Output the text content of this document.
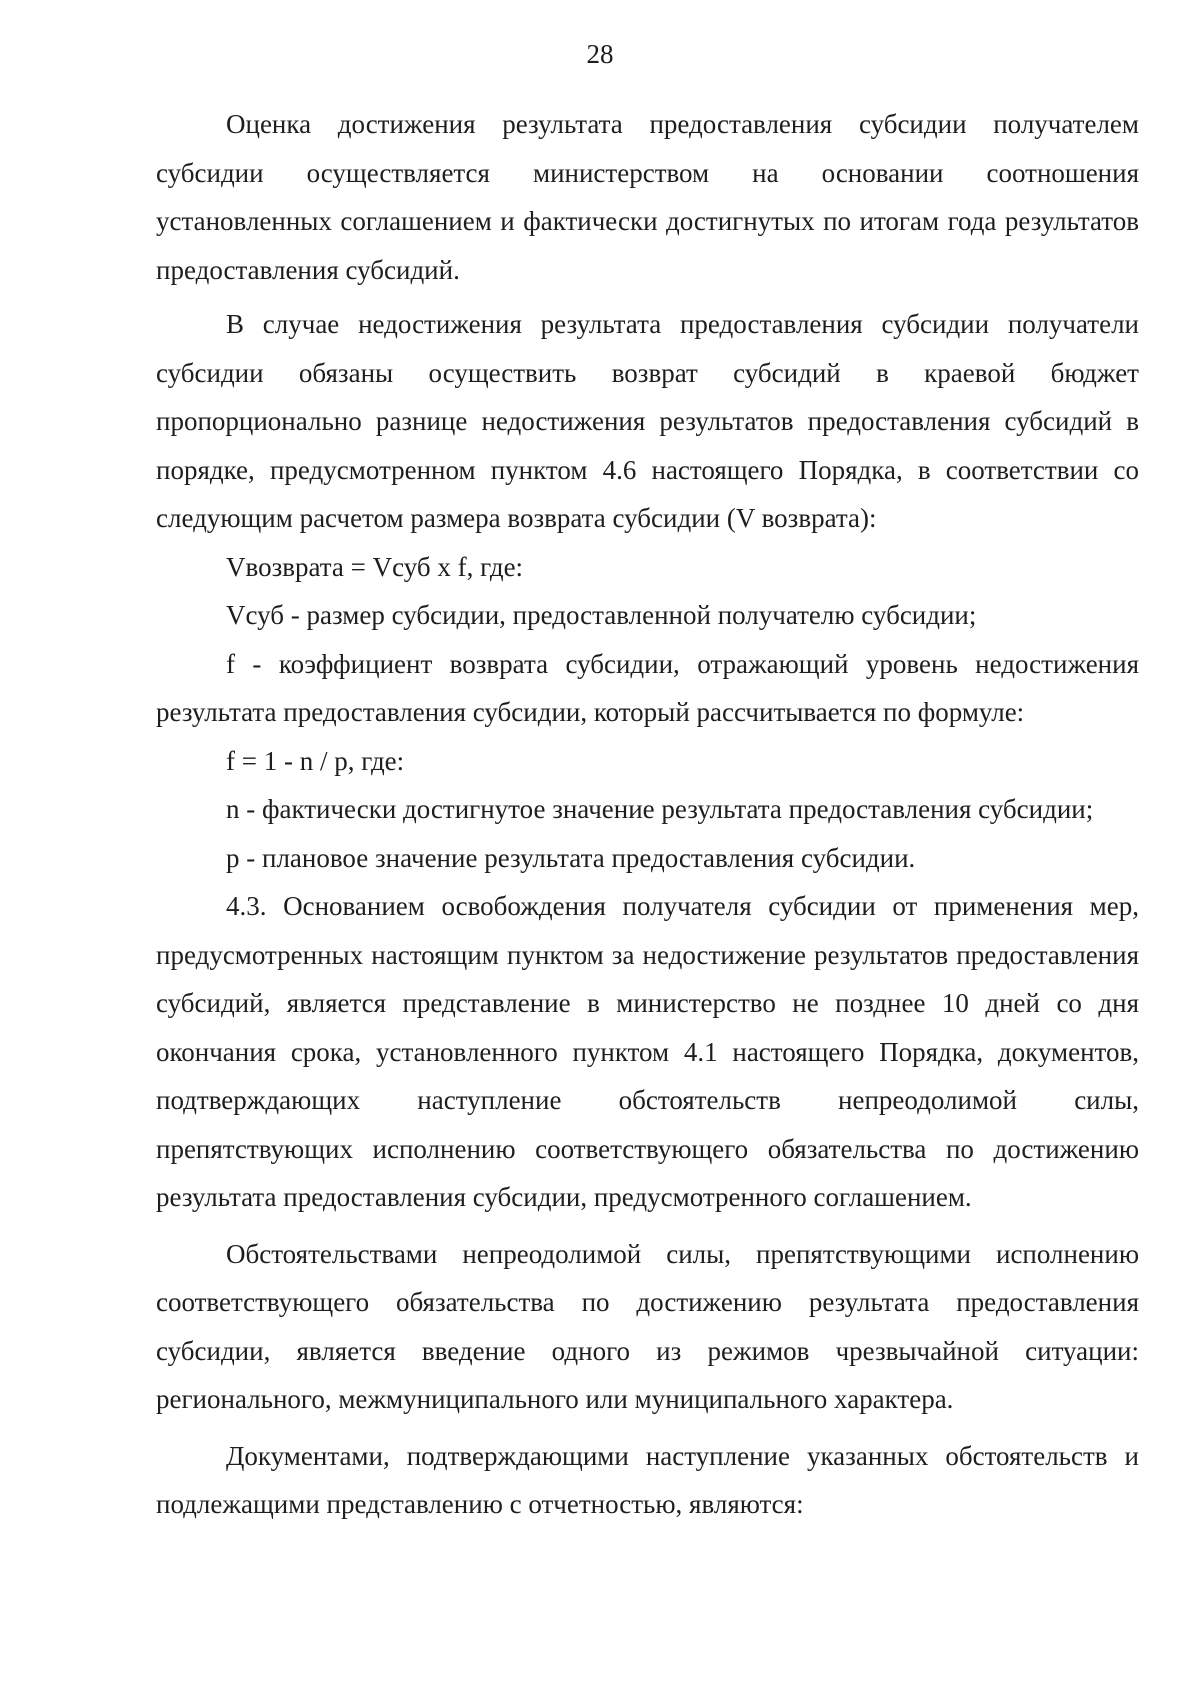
28

Оценка достижения результата предоставления субсидии получателем субсидии осуществляется министерством на основании соотношения установленных соглашением и фактически достигнутых по итогам года результатов предоставления субсидий.

В случае недостижения результата предоставления субсидии получатели субсидии обязаны осуществить возврат субсидий в краевой бюджет пропорционально разнице недостижения результатов предоставления субсидий в порядке, предусмотренном пунктом 4.6 настоящего Порядка, в соответствии со следующим расчетом размера возврата субсидии (V возврата):

Vвозврата = Vсуб х f, где:

Vсуб - размер субсидии, предоставленной получателю субсидии;

f - коэффициент возврата субсидии, отражающий уровень недостижения результата предоставления субсидии, который рассчитывается по формуле:

f = 1 - n / p, где:

n - фактически достигнутое значение результата предоставления субсидии;

p - плановое значение результата предоставления субсидии.

4.3. Основанием освобождения получателя субсидии от применения мер, предусмотренных настоящим пунктом за недостижение результатов предоставления субсидий, является представление в министерство не позднее 10 дней со дня окончания срока, установленного пунктом 4.1 настоящего Порядка, документов, подтверждающих наступление обстоятельств непреодолимой силы, препятствующих исполнению соответствующего обязательства по достижению результата предоставления субсидии, предусмотренного соглашением.

Обстоятельствами непреодолимой силы, препятствующими исполнению соответствующего обязательства по достижению результата предоставления субсидии, является введение одного из режимов чрезвычайной ситуации: регионального, межмуниципального или муниципального характера.

Документами, подтверждающими наступление указанных обстоятельств и подлежащими представлению с отчетностью, являются:
